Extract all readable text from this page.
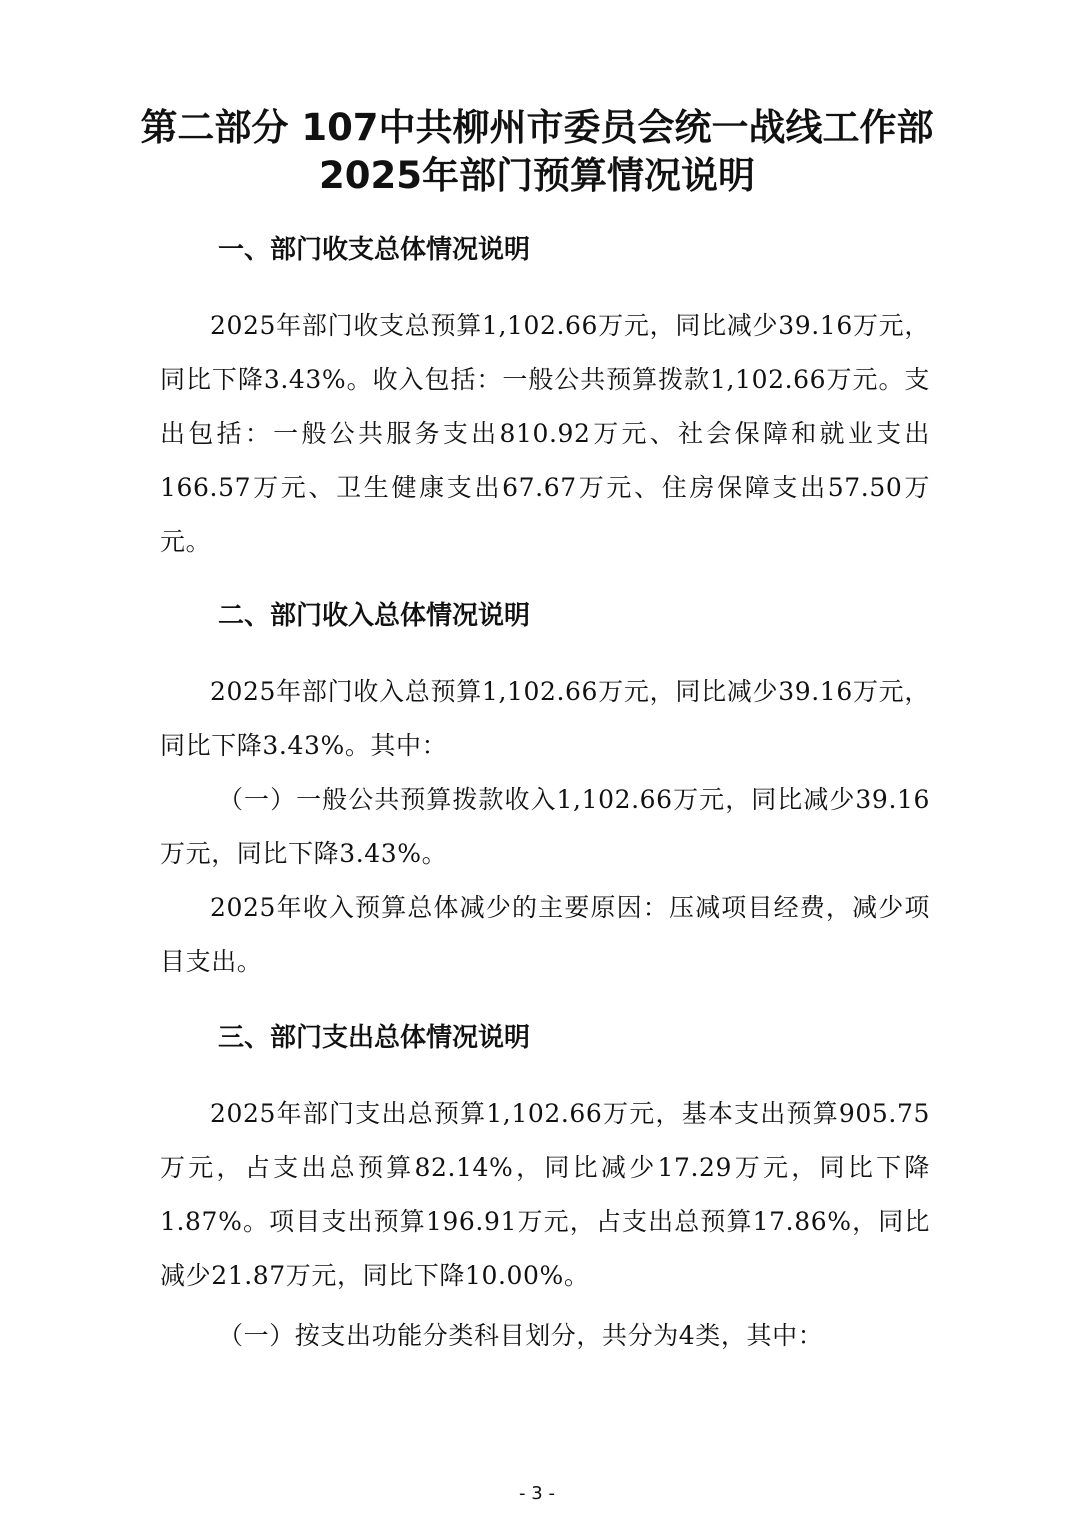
第二部分 107中共柳州市委员会统一战线工作部2025年部门预算情况说明
一、部门收支总体情况说明

2025年部门收支总预算1,102.66万元，同比减少39.16万元，同比下降3.43%。收入包括：一般公共预算拨款1,102.66万元。支出包括：一般公共服务支出810.92万元、社会保障和就业支出166.57万元、卫生健康支出67.67万元、住房保障支出57.50万元。

二、部门收入总体情况说明

2025年部门收入总预算1,102.66万元，同比减少39.16万元，同比下降3.43%。其中：

（一）一般公共预算拨款收入1,102.66万元，同比减少39.16万元，同比下降3.43%。

2025年收入预算总体减少的主要原因：压减项目经费，减少项目支出。

三、部门支出总体情况说明

2025年部门支出总预算1,102.66万元，基本支出预算905.75万元，占支出总预算82.14%，同比减少17.29万元，同比下降1.87%。项目支出预算196.91万元，占支出总预算17.86%，同比减少21.87万元，同比下降10.00%。

（一）按支出功能分类科目划分，共分为4类，其中：

- 3 -
